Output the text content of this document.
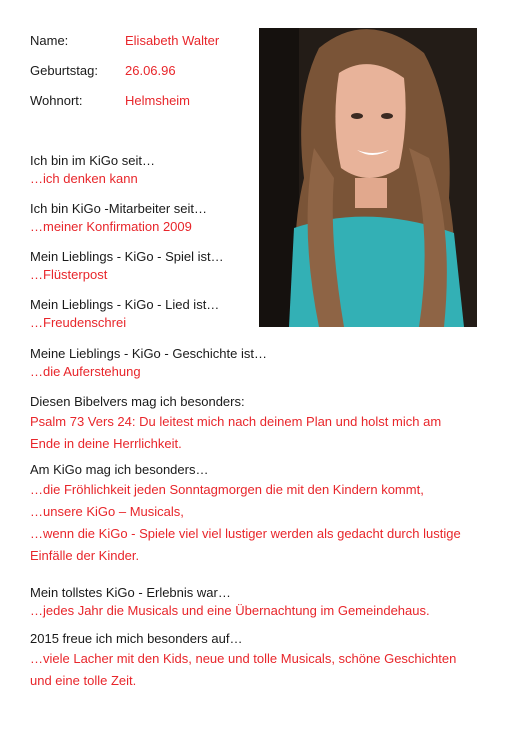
Name:	Elisabeth Walter
Geburtstag: 26.06.96
Wohnort:	Helmsheim
Ich bin im KiGo seit…
…ich denken kann
Ich bin KiGo -Mitarbeiter seit…
…meiner Konfirmation 2009
Mein Lieblings - KiGo - Spiel ist…
…Flüsterpost
Mein Lieblings - KiGo - Lied ist…
…Freudenschrei
Meine Lieblings - KiGo - Geschichte ist…
…die Auferstehung
Diesen Bibelvers mag ich besonders:
Psalm 73 Vers 24: Du leitest mich nach deinem Plan und holst mich am Ende in deine Herrlichkeit.
Am KiGo mag ich besonders…
…die Fröhlichkeit jeden Sonntagmorgen die mit den Kindern kommt,
…unsere KiGo – Musicals,
…wenn die KiGo - Spiele viel viel lustiger werden als gedacht durch lustige Einfälle der Kinder.
Mein tollstes KiGo - Erlebnis war…
…jedes Jahr die Musicals und eine Übernachtung im Gemeindehaus.
2015 freue ich mich besonders auf…
…viele Lacher mit den Kids, neue und tolle Musicals, schöne Geschichten und eine tolle Zeit.
